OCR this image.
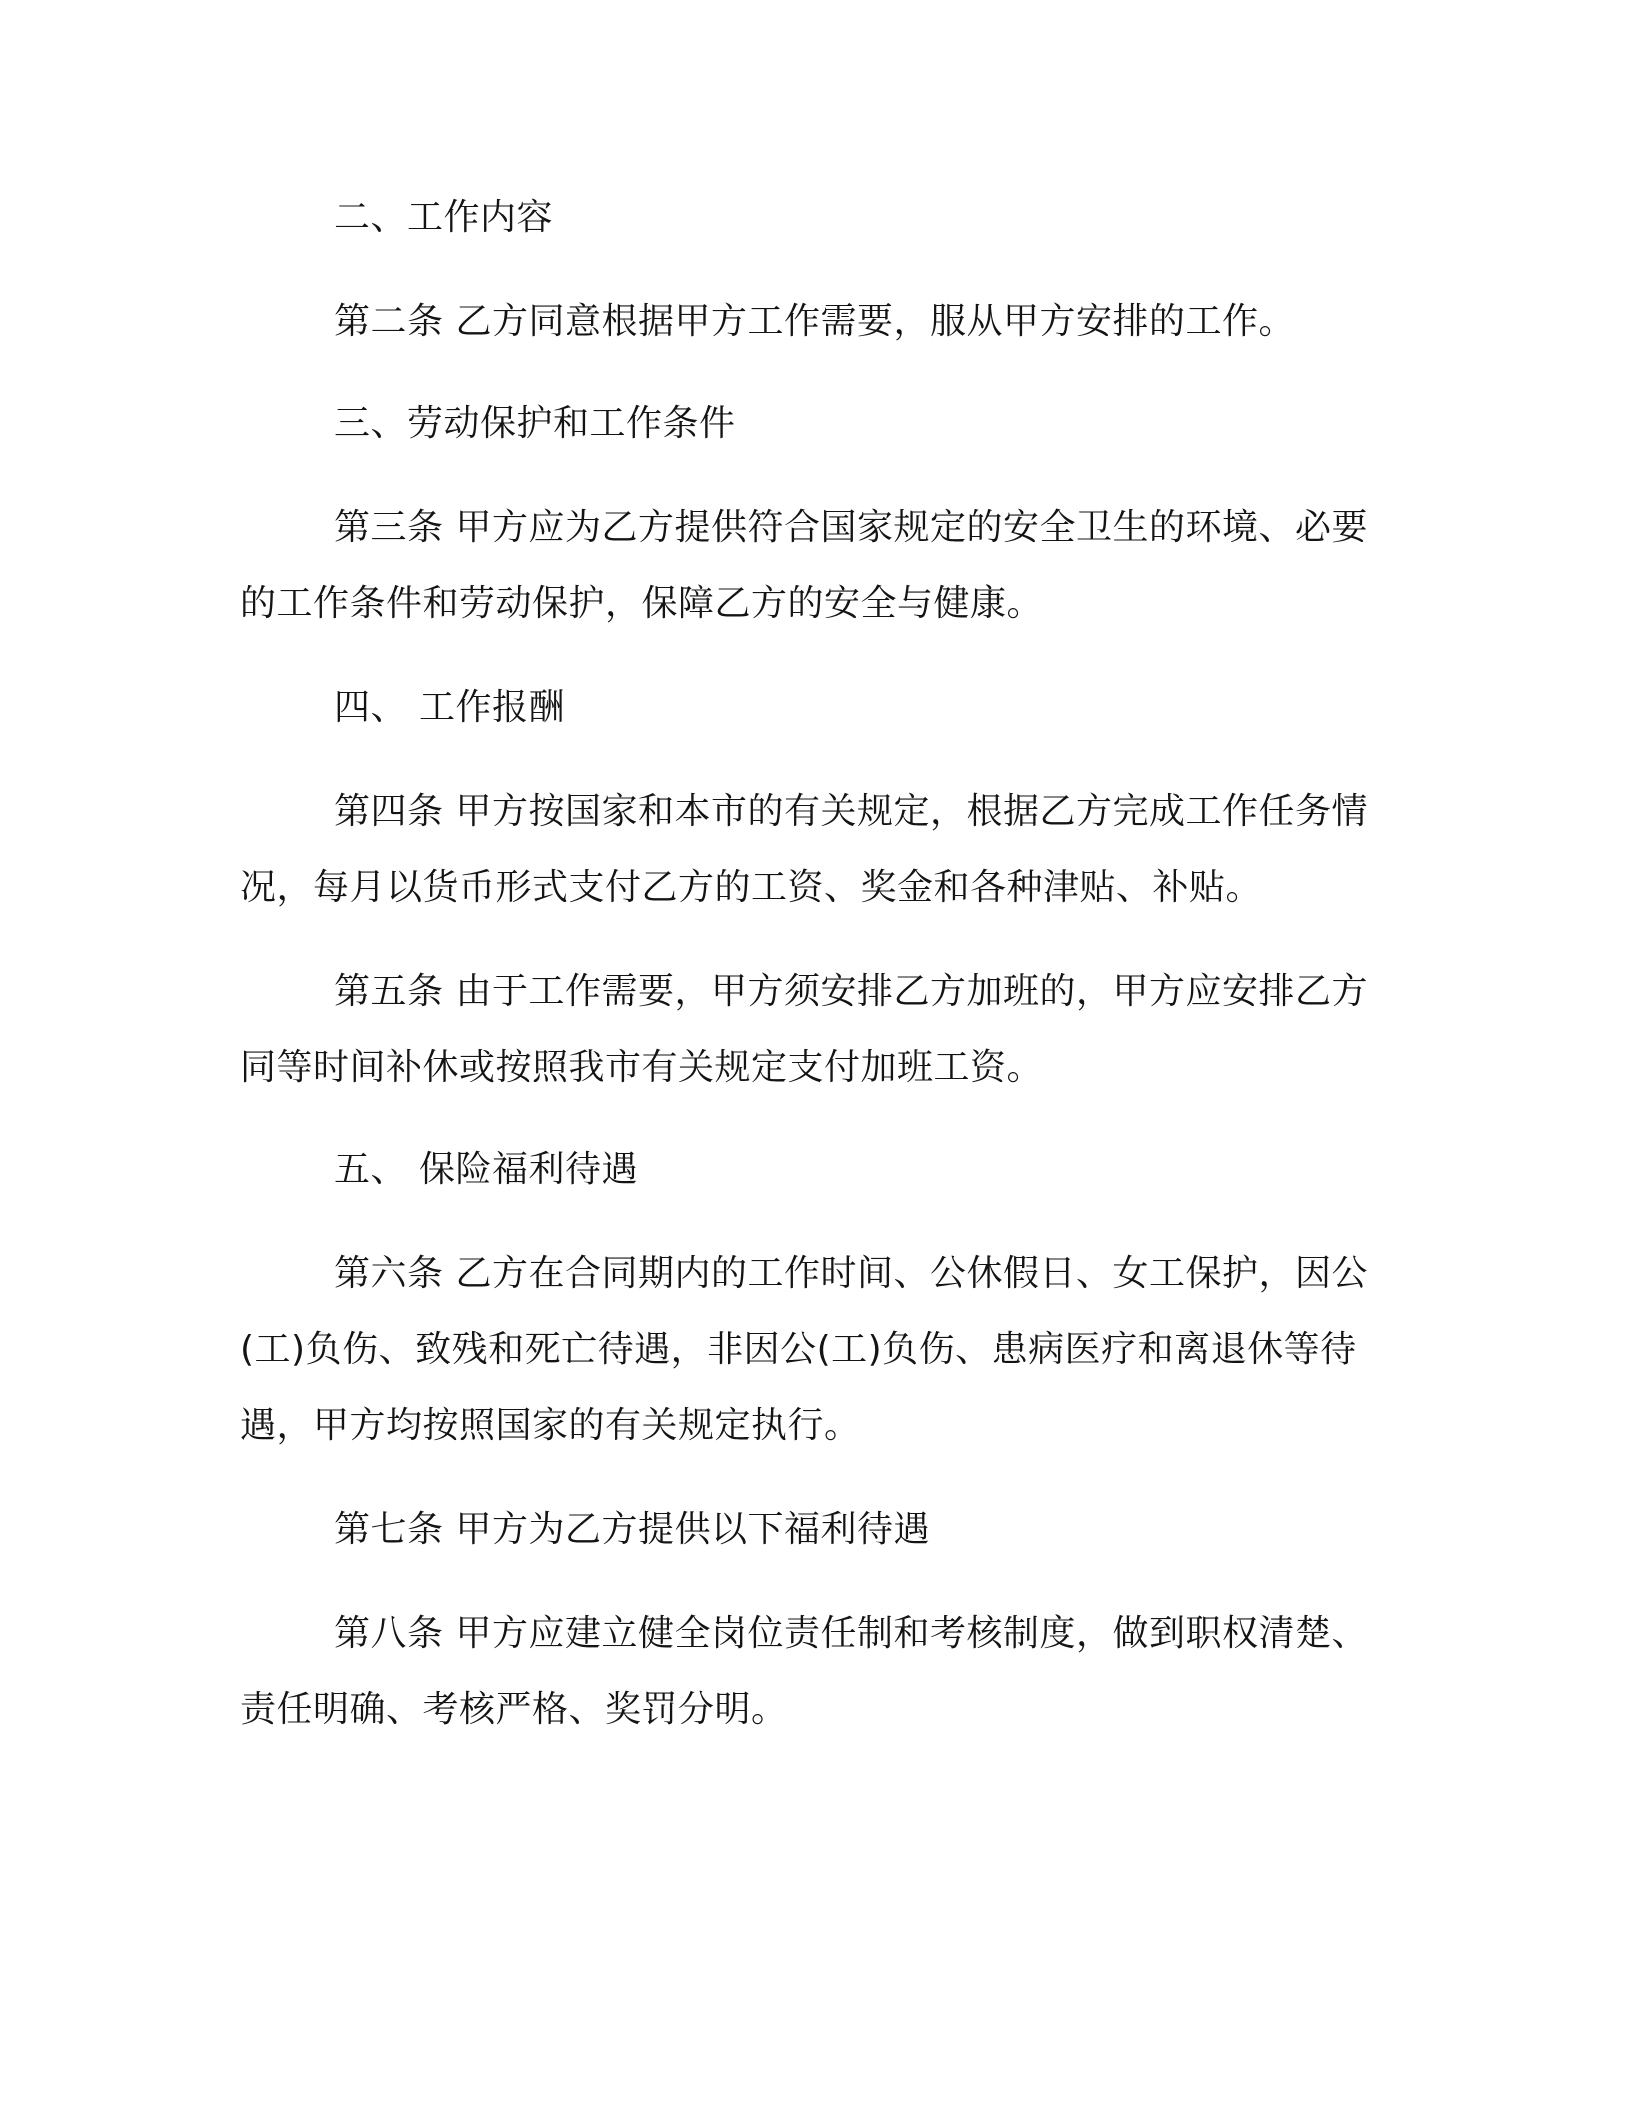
二、工作内容
第二条 乙方同意根据甲方工作需要，服从甲方安排的工作。
三、劳动保护和工作条件
第三条 甲方应为乙方提供符合国家规定的安全卫生的环境、必要
的工作条件和劳动保护，保障乙方的安全与健康。
四、 工作报酬
第四条 甲方按国家和本市的有关规定，根据乙方完成工作任务情
况，每月以货币形式支付乙方的工资、奖金和各种津贴、补贴。
第五条 由于工作需要，甲方须安排乙方加班的，甲方应安排乙方
同等时间补休或按照我市有关规定支付加班工资。
五、 保险福利待遇
第六条 乙方在合同期内的工作时间、公休假日、女工保护，因公
(工)负伤、致残和死亡待遇，非因公(工)负伤、患病医疗和离退休等待
遇，甲方均按照国家的有关规定执行。
第七条 甲方为乙方提供以下福利待遇
第八条 甲方应建立健全岗位责任制和考核制度，做到职权清楚、
责任明确、考核严格、奖罚分明。
